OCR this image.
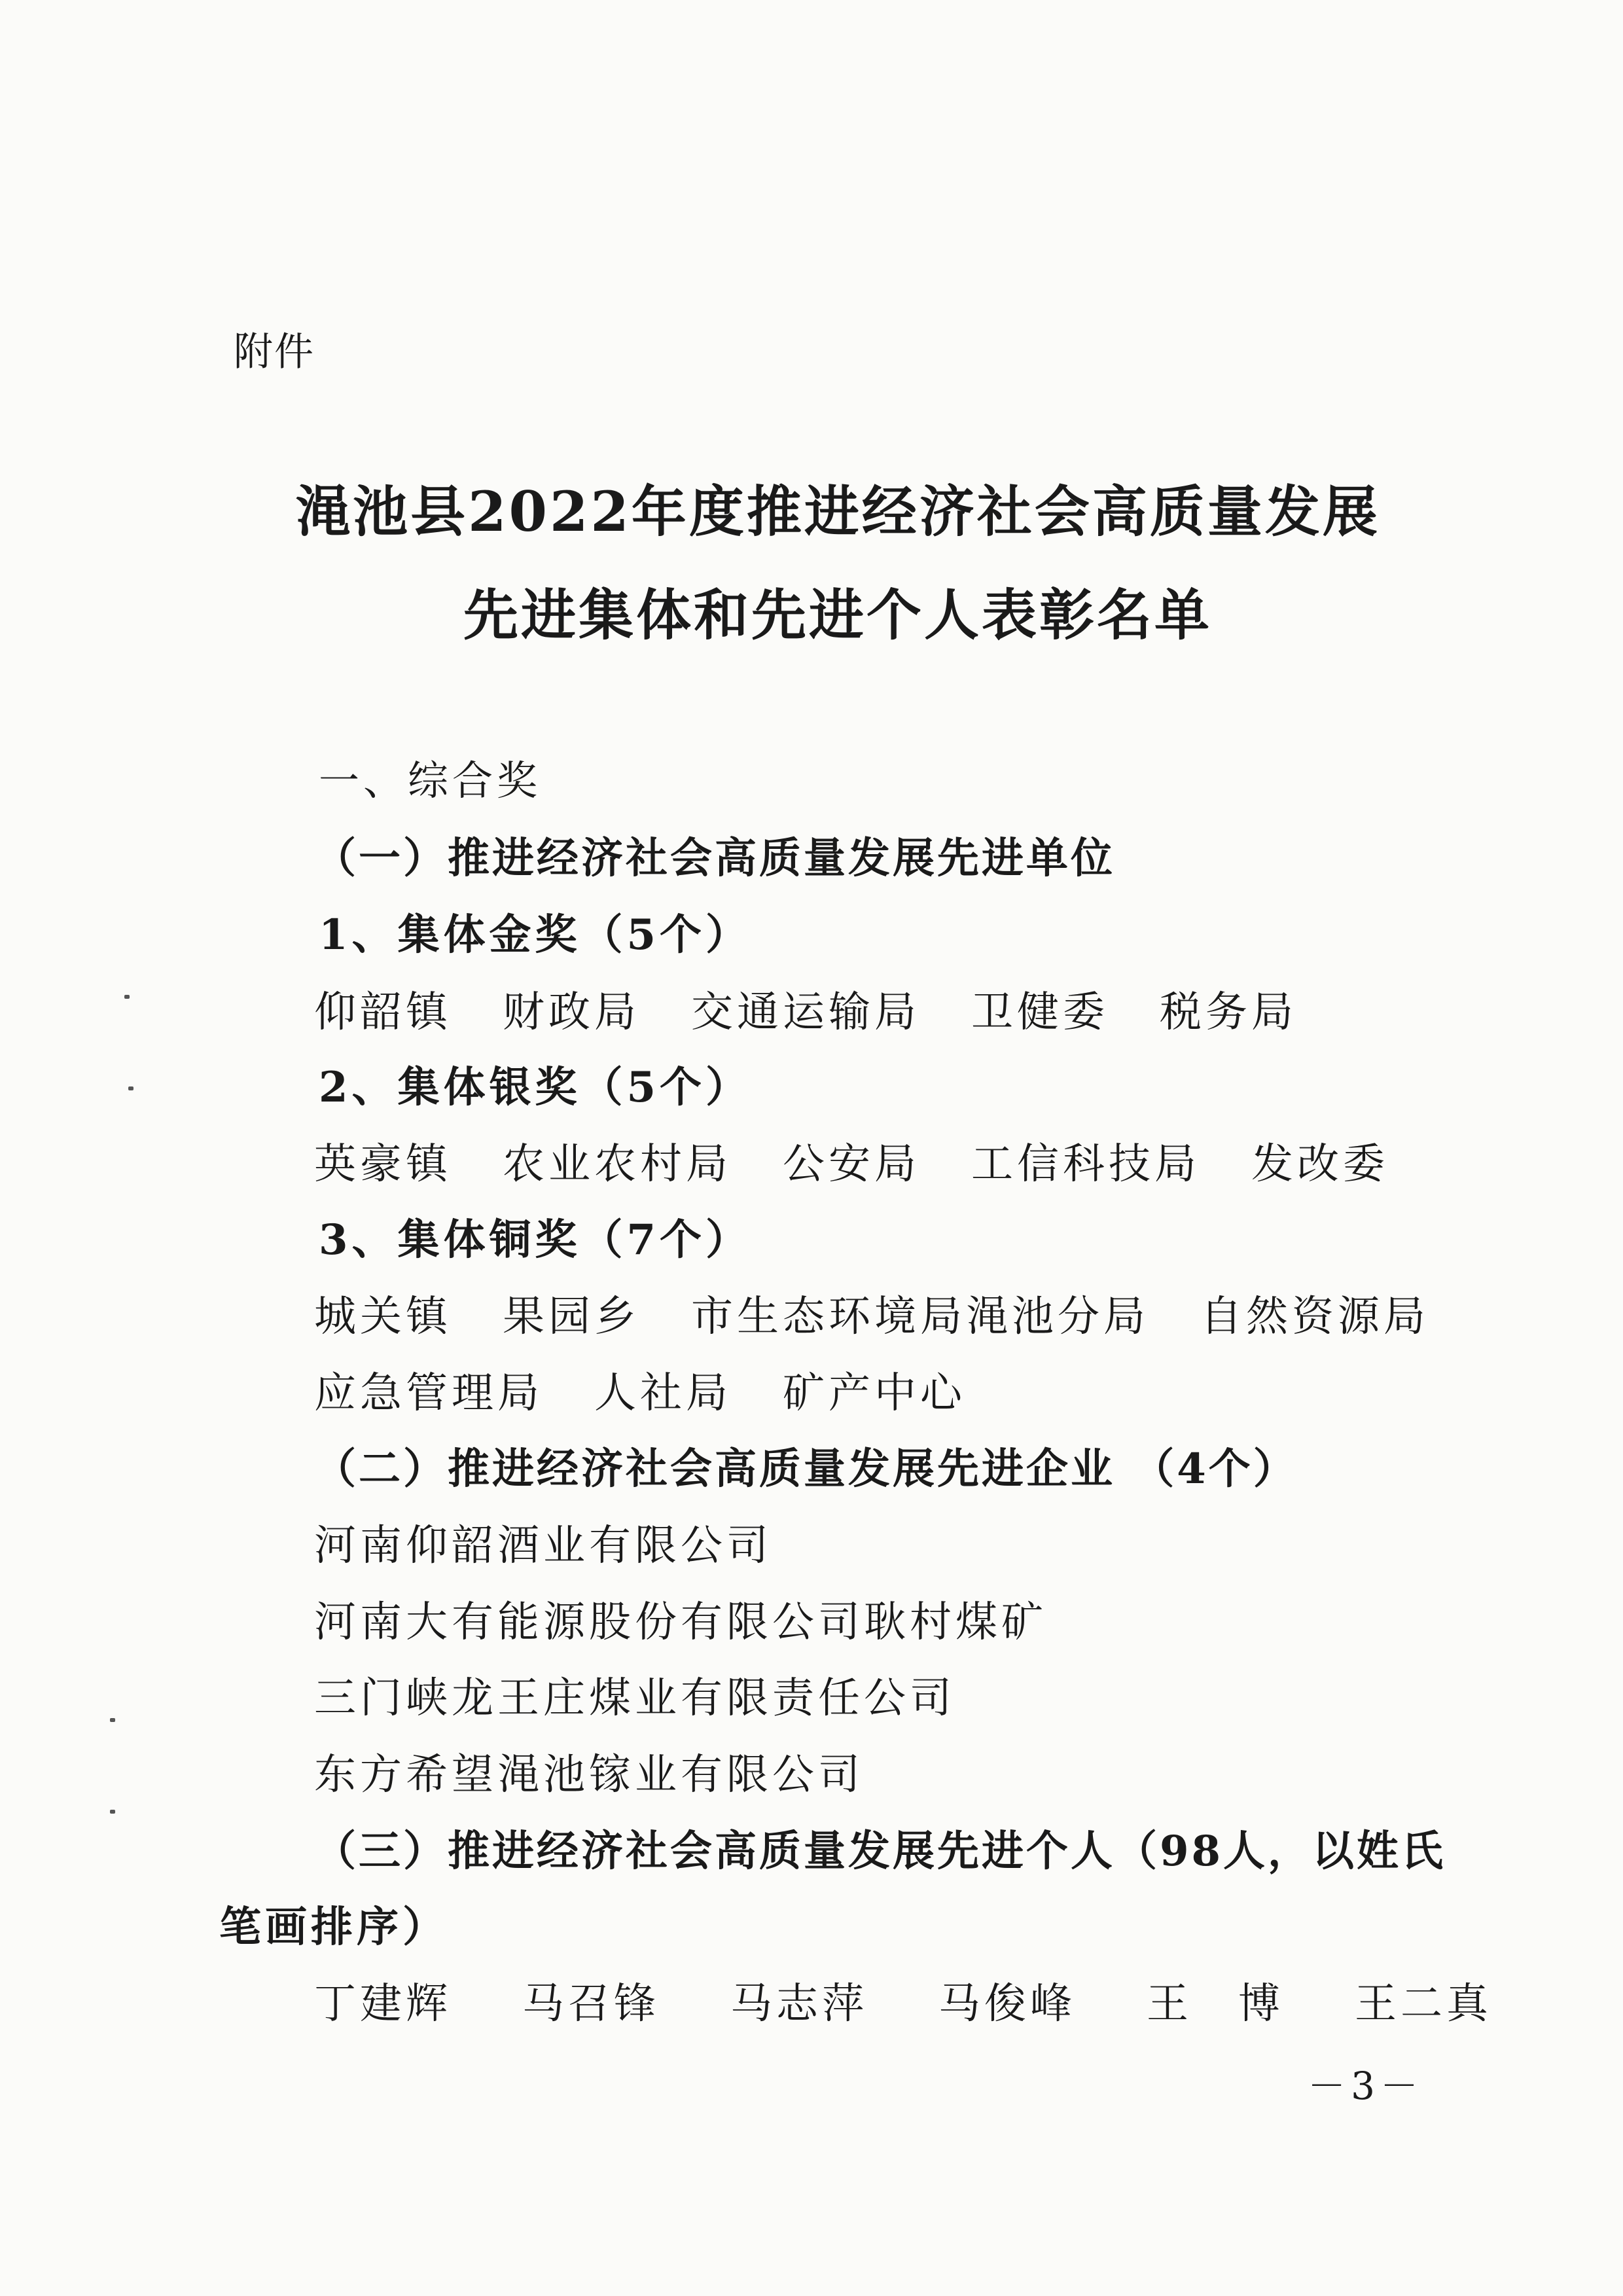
附件
渑池县2022年度推进经济社会高质量发展
先进集体和先进个人表彰名单
一、综合奖
（一）推进经济社会高质量发展先进单位
1、集体金奖（5个）
仰韶镇 财政局 交通运输局 卫健委 税务局
2、集体银奖（5个）
英豪镇 农业农村局 公安局 工信科技局 发改委
3、集体铜奖（7个）
城关镇 果园乡 市生态环境局渑池分局 自然资源局
应急管理局 人社局 矿产中心
（二）推进经济社会高质量发展先进企业 （4个）
河南仰韶酒业有限公司
河南大有能源股份有限公司耿村煤矿
三门峡龙王庄煤业有限责任公司
东方希望渑池镓业有限公司
（三）推进经济社会高质量发展先进个人（98人，以姓氏
笔画排序）
丁建辉 马召锋 马志萍 马俊峰 王　博 王二真
－3－
